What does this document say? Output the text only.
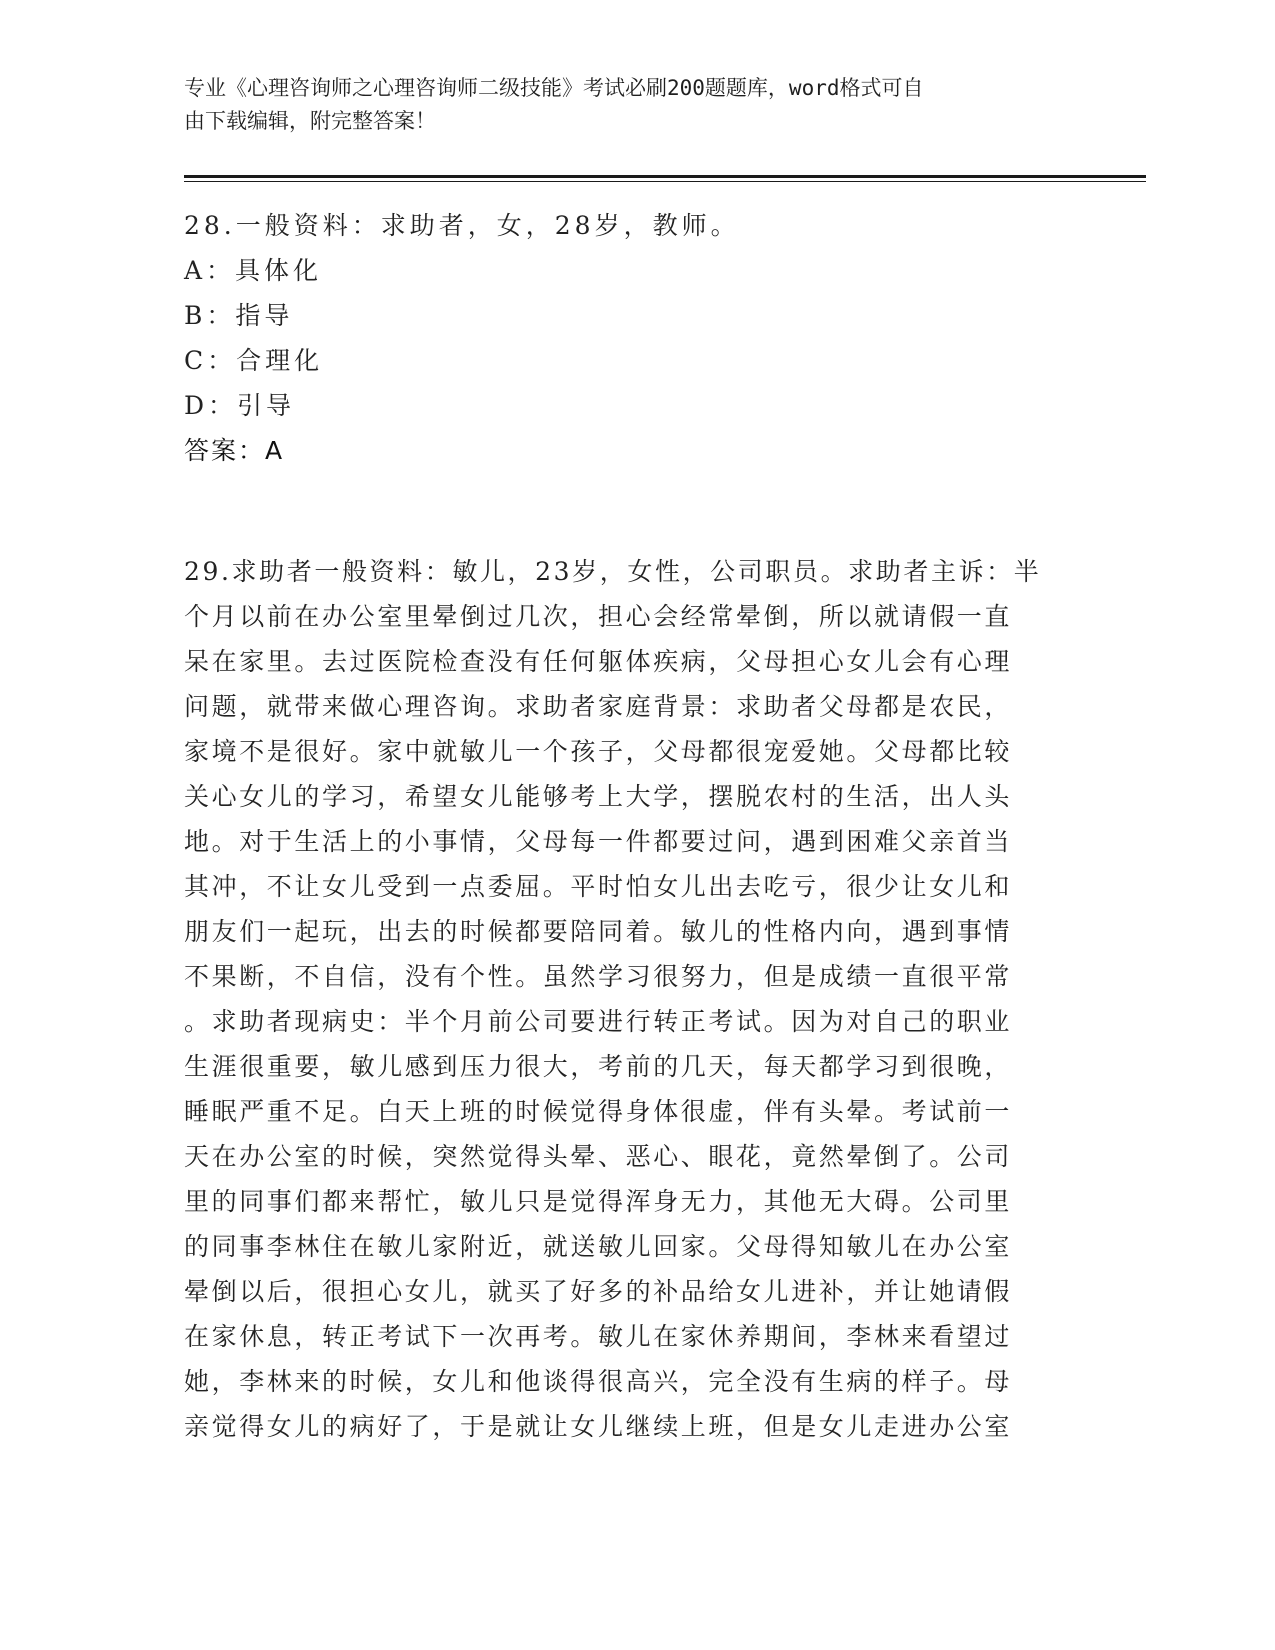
专业《心理咨询师之心理咨询师二级技能》考试必刷200题题库，word格式可自
由下载编辑，附完整答案！
28.一般资料：求助者，女，28岁，教师。
A：具体化
B：指导
C：合理化
D：引导
答案：A
29.求助者一般资料：敏儿，23岁，女性，公司职员。求助者主诉：半
个月以前在办公室里晕倒过几次，担心会经常晕倒，所以就请假一直
呆在家里。去过医院检查没有任何躯体疾病，父母担心女儿会有心理
问题，就带来做心理咨询。求助者家庭背景：求助者父母都是农民，
家境不是很好。家中就敏儿一个孩子，父母都很宠爱她。父母都比较
关心女儿的学习，希望女儿能够考上大学，摆脱农村的生活，出人头
地。对于生活上的小事情，父母每一件都要过问，遇到困难父亲首当
其冲，不让女儿受到一点委屈。平时怕女儿出去吃亏，很少让女儿和
朋友们一起玩，出去的时候都要陪同着。敏儿的性格内向，遇到事情
不果断，不自信，没有个性。虽然学习很努力，但是成绩一直很平常
。求助者现病史：半个月前公司要进行转正考试。因为对自己的职业
生涯很重要，敏儿感到压力很大，考前的几天，每天都学习到很晚，
睡眠严重不足。白天上班的时候觉得身体很虚，伴有头晕。考试前一
天在办公室的时候，突然觉得头晕、恶心、眼花，竟然晕倒了。公司
里的同事们都来帮忙，敏儿只是觉得浑身无力，其他无大碍。公司里
的同事李林住在敏儿家附近，就送敏儿回家。父母得知敏儿在办公室
晕倒以后，很担心女儿，就买了好多的补品给女儿进补，并让她请假
在家休息，转正考试下一次再考。敏儿在家休养期间，李林来看望过
她，李林来的时候，女儿和他谈得很高兴，完全没有生病的样子。母
亲觉得女儿的病好了，于是就让女儿继续上班，但是女儿走进办公室
